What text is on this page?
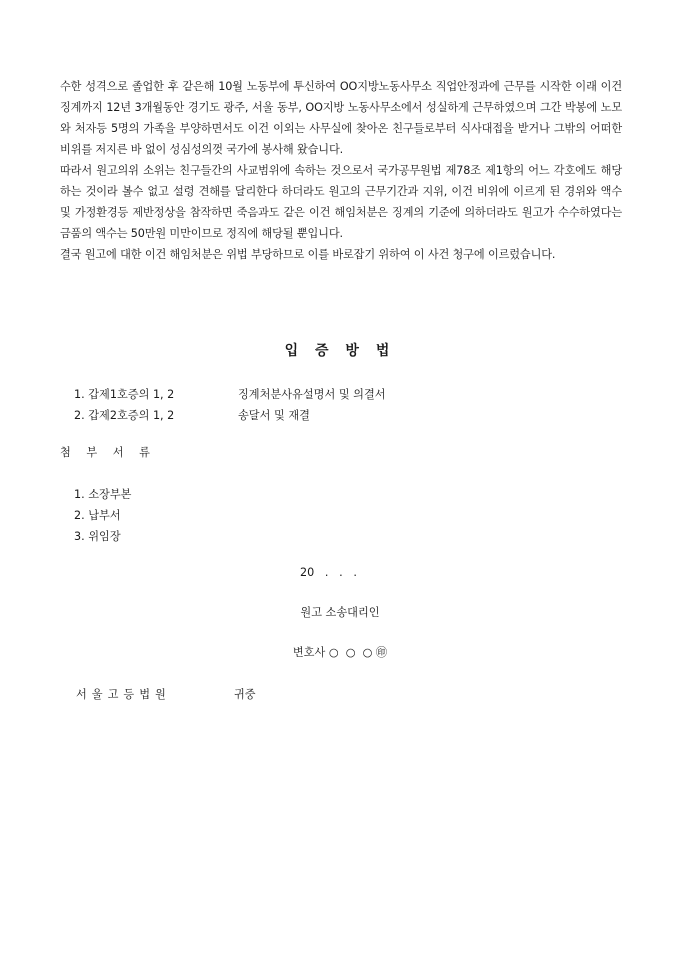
수한 성격으로 졸업한 후 같은해 10월 노동부에 투신하여 OO지방노동사무소 직업안정과에 근무를 시작한 이래 이건 징계까지 12년 3개월동안 경기도 광주, 서울 동부, OO지방 노동사무소에서 성실하게 근무하였으며 그간 박봉에 노모와 처자등 5명의 가족을 부양하면서도 이건 이외는 사무실에 찾아온 친구들로부터 식사대접을 받거나 그밖의 어떠한 비위를 저지른 바 없이 성심성의껏 국가에 봉사해 왔습니다.

따라서 원고의위 소위는 친구들간의 사교범위에 속하는 것으로서 국가공무원법 제78조 제1항의 어느 각호에도 해당하는 것이라 볼수 없고 설령 견해를 달리한다 하더라도 원고의 근무기간과 지위, 이건 비위에 이르게 된 경위와 액수 및 가정환경등 제반정상을 참작하면 죽음과도 같은 이건 해임처분은 징계의 기준에 의하더라도 원고가 수수하였다는 금품의 액수는 50만원 미만이므로 정직에 해당될 뿐입니다.

결국 원고에 대한 이건 해임처분은 위법 부당하므로 이를 바로잡기 위하여 이 사건 청구에 이르렀습니다.

입 증 방 법
1. 갑제1호증의 1, 2	징계처분사유설명서 및 의결서
2. 갑제2호증의 1, 2	송달서 및 재결
첨 부 서 류
1. 소장부본
2. 납부서
3. 위임장
20   .   .   .
원고 소송대리인
변호사 ○  ○  ○ ㊞
서울고등법원	귀중
